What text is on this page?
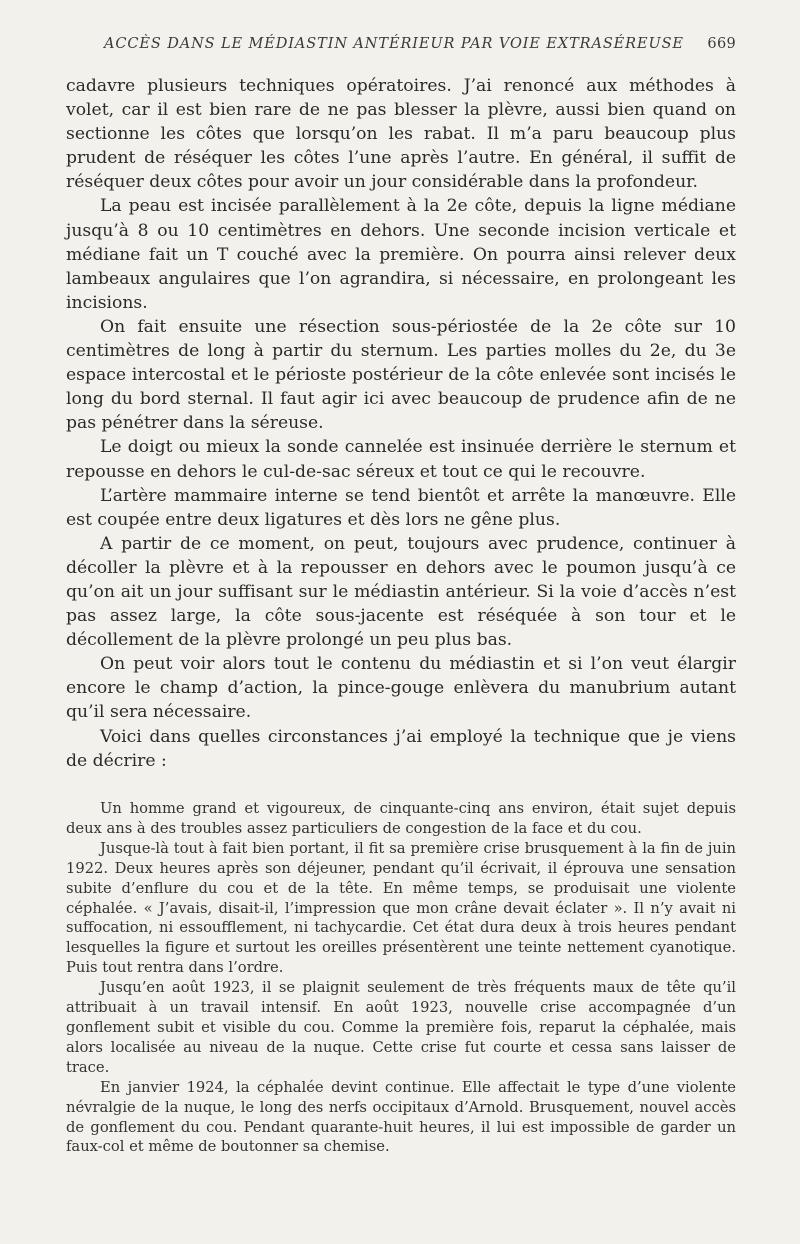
ACCÈS DANS LE MÉDIASTIN ANTÉRIEUR PAR VOIE EXTRASÉREUSE 669

cadavre plusieurs techniques opératoires. J’ai renoncé aux méthodes à volet, car il est bien rare de ne pas blesser la plèvre, aussi bien quand on sectionne les côtes que lorsqu’on les rabat. Il m’a paru beaucoup plus prudent de réséquer les côtes l’une après l’autre. En général, il suffit de réséquer deux côtes pour avoir un jour considérable dans la profondeur.

La peau est incisée parallèlement à la 2e côte, depuis la ligne médiane jusqu’à 8 ou 10 centimètres en dehors. Une seconde incision verticale et médiane fait un T couché avec la première. On pourra ainsi relever deux lambeaux angulaires que l’on agrandira, si nécessaire, en prolongeant les incisions.

On fait ensuite une résection sous-périostée de la 2e côte sur 10 centimètres de long à partir du sternum. Les parties molles du 2e, du 3e espace intercostal et le périoste postérieur de la côte enlevée sont incisés le long du bord sternal. Il faut agir ici avec beaucoup de prudence afin de ne pas pénétrer dans la séreuse.

Le doigt ou mieux la sonde cannelée est insinuée derrière le sternum et repousse en dehors le cul-de-sac séreux et tout ce qui le recouvre.

L’artère mammaire interne se tend bientôt et arrête la manœuvre. Elle est coupée entre deux ligatures et dès lors ne gêne plus.

A partir de ce moment, on peut, toujours avec prudence, continuer à décoller la plèvre et à la repousser en dehors avec le poumon jusqu’à ce qu’on ait un jour suffisant sur le médiastin antérieur. Si la voie d’accès n’est pas assez large, la côte sous-jacente est réséquée à son tour et le décollement de la plèvre prolongé un peu plus bas.

On peut voir alors tout le contenu du médiastin et si l’on veut élargir encore le champ d’action, la pince-gouge enlèvera du manubrium autant qu’il sera nécessaire.

Voici dans quelles circonstances j’ai employé la technique que je viens de décrire :

Un homme grand et vigoureux, de cinquante-cinq ans environ, était sujet depuis deux ans à des troubles assez particuliers de congestion de la face et du cou.

Jusque-là tout à fait bien portant, il fit sa première crise brusquement à la fin de juin 1922. Deux heures après son déjeuner, pendant qu’il écrivait, il éprouva une sensation subite d’enflure du cou et de la tête. En même temps, se produisait une violente céphalée. « J’avais, disait-il, l’impression que mon crâne devait éclater ». Il n’y avait ni suffocation, ni essoufflement, ni tachycardie. Cet état dura deux à trois heures pendant lesquelles la figure et surtout les oreilles présentèrent une teinte nettement cyanotique. Puis tout rentra dans l’ordre.

Jusqu’en août 1923, il se plaignit seulement de très fréquents maux de tête qu’il attribuait à un travail intensif. En août 1923, nouvelle crise accompagnée d’un gonflement subit et visible du cou. Comme la première fois, reparut la céphalée, mais alors localisée au niveau de la nuque. Cette crise fut courte et cessa sans laisser de trace.

En janvier 1924, la céphalée devint continue. Elle affectait le type d’une violente névralgie de la nuque, le long des nerfs occipitaux d’Arnold. Brusquement, nouvel accès de gonflement du cou. Pendant quarante-huit heures, il lui est impossible de garder un faux-col et même de boutonner sa chemise.
